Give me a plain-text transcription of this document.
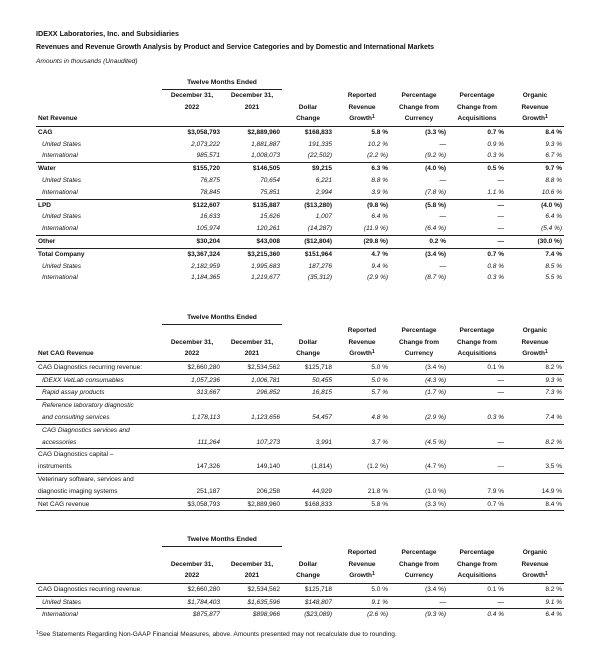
IDEXX Laboratories, Inc. and Subsidiaries
Revenues and Revenue Growth Analysis by Product and Service Categories and by Domestic and International Markets
Amounts in thousands (Unaudited)
	Twelve Months Ended						
	December 31,	December 31,		Reported	Percentage	Percentage	Organic
	2022	2021	Dollar	Revenue	Change from	Change from	Revenue
Net Revenue			Change	Growth$^1$	Currency	Acquisitions	Growth$^1$
CAG	$3,058,793	$2,889,960	$168,833	5.8 %	(3.3 %)	0.7 %	8.4 %
United States	2,073,222	1,881,887	191,335	10.2 %	—	0.9 %	9.3 %
International	985,571	1,008,073	(22,502)	(2.2 %)	(9.2 %)	0.3 %	6.7 %
Water	$155,720	$146,505	$9,215	6.3 %	(4.0 %)	0.5 %	9.7 %
United States	76,875	70,654	6,221	8.8 %	—	—	8.8 %
International	78,845	75,851	2,994	3.9 %	(7.8 %)	1.1 %	10.6 %
LPD	$122,607	$135,887	($13,280)	(9.8 %)	(5.8 %)	—	(4.0 %)
United States	16,633	15,626	1,007	6.4 %	—	—	6.4 %
International	105,974	120,261	(14,287)	(11.9 %)	(6.4 %)	—	(5.4 %)
Other	$30,204	$43,008	($12,804)	(29.8 %)	0.2 %	—	(30.0 %)
Total Company	$3,367,324	$3,215,360	$151,964	4.7 %	(3.4 %)	0.7 %	7.4 %
United States	2,182,959	1,995,683	187,276	9.4 %	—	0.8 %	8.5 %
International	1,184,365	1,219,677	(35,312)	(2.9 %)	(8.7 %)	0.3 %	5.5 %
	Twelve Months Ended						
				Reported	Percentage	Percentage	Organic
	December 31,	December 31,	Dollar	Revenue	Change from	Change from	Revenue
Net CAG Revenue	2022	2021	Change	Growth$^1$	Currency	Acquisitions	Growth$^1$
CAG Diagnostics recurring revenue:	$2,660,280	$2,534,562	$125,718	5.0 %	(3.4 %)	0.1 %	8.2 %
IDEXX VetLab consumables	1,057,236	1,006,781	50,455	5.0 %	(4.3 %)	—	9.3 %
Rapid assay products	313,667	296,852	16,815	5.7 %	(1.7 %)	—	7.3 %
Reference laboratory diagnostic							
and consulting services	1,178,113	1,123,656	54,457	4.8 %	(2.9 %)	0.3 %	7.4 %
CAG Diagnostics services and							
accessories	111,264	107,273	3,991	3.7 %	(4.5 %)	—	8.2 %
CAG Diagnostics capital –							
instruments	147,326	149,140	(1,814)	(1.2 %)	(4.7 %)	—	3.5 %
Veterinary software, services and							
diagnostic imaging systems	251,187	206,258	44,929	21.8 %	(1.0 %)	7.9 %	14.9 %
Net CAG revenue	$3,058,793	$2,889,960	$168,833	5.8 %	(3.3 %)	0.7 %	8.4 %
	Twelve Months Ended						
				Reported	Percentage	Percentage	Organic
	December 31,	December 31,	Dollar	Revenue	Change from	Change from	Revenue
	2022	2021	Change	Growth$^1$	Currency	Acquisitions	Growth$^1$
CAG Diagnostics recurring revenue:	$2,660,280	$2,534,562	$125,718	5.0 %	(3.4 %)	0.1 %	8.2 %
United States	$1,784,403	$1,635,596	$148,807	9.1 %	—	—	9.1 %
International	$875,877	$898,966	($23,089)	(2.6 %)	(9.3 %)	0.4 %	6.4 %
$^1$See Statements Regarding Non-GAAP Financial Measures, above. Amounts presented may not recalculate due to rounding.
